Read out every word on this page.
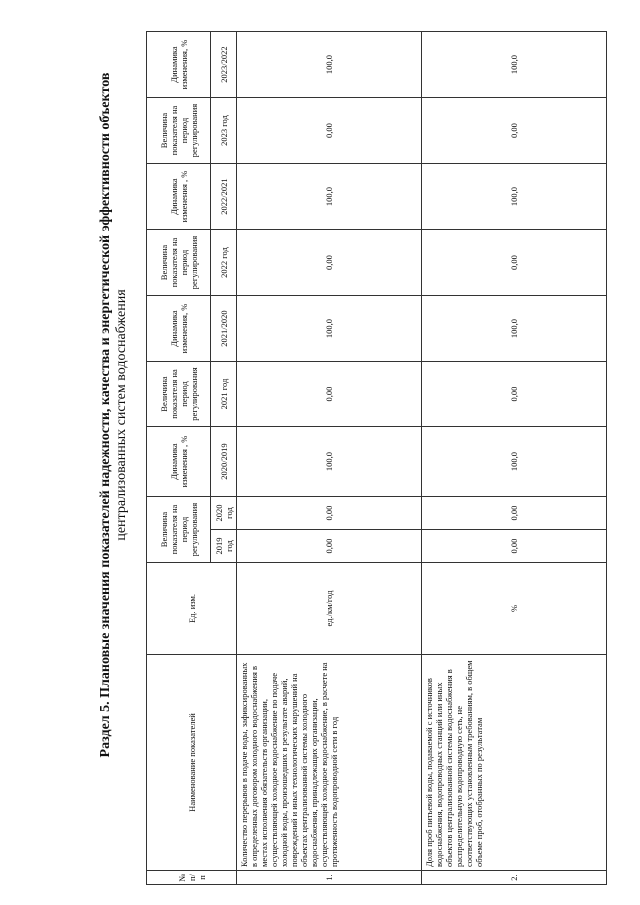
Раздел 5. Плановые значения показателей надежности, качества и энергетической эффективности объектов централизованных систем водоснабжения
№ п/п	Наименование показателей	Ед. изм.	Величина показателя на период регулирования		Динамика изменения , %	Величина показателя на период регулирования	Динамика изменения, %	Величина показателя на период регулирования	Динамика изменения , %	Величина показателя на период регулирования	Динамика изменения, %
			2019 год	2020 год	2020/2019	2021 год	2021/2020	2022 год	2022/2021	2023 год	2023/2022
1.	Количество перерывов в подаче воды, зафиксированных в определенных договором холодного водоснабжения в местах исполнения обязательств организации, осуществляющей холодное водоснабжение по подаче холодной воды, произошедших в результате аварий, повреждений и иных технологических нарушений на объектах централизованной системы холодного водоснабжения, принадлежащих организации, осуществляющей холодное водоснабжение, в расчете на протяженность водопроводной сети в год	ед./км/год	0,00	0,00	100,0	0,00	100,0	0,00	100,0	0,00	100,0
2.	Доля проб питьевой воды, подаваемой с источников водоснабжения, водопроводных станций или иных объектов централизованной системы водоснабжения в распределительную водопроводную сеть, не соответствующих установленным требованиям, в общем объеме проб, отобранных по результатам	%	0,00	0,00	100,0	0,00	100,0	0,00	100,0	0,00	100,0
